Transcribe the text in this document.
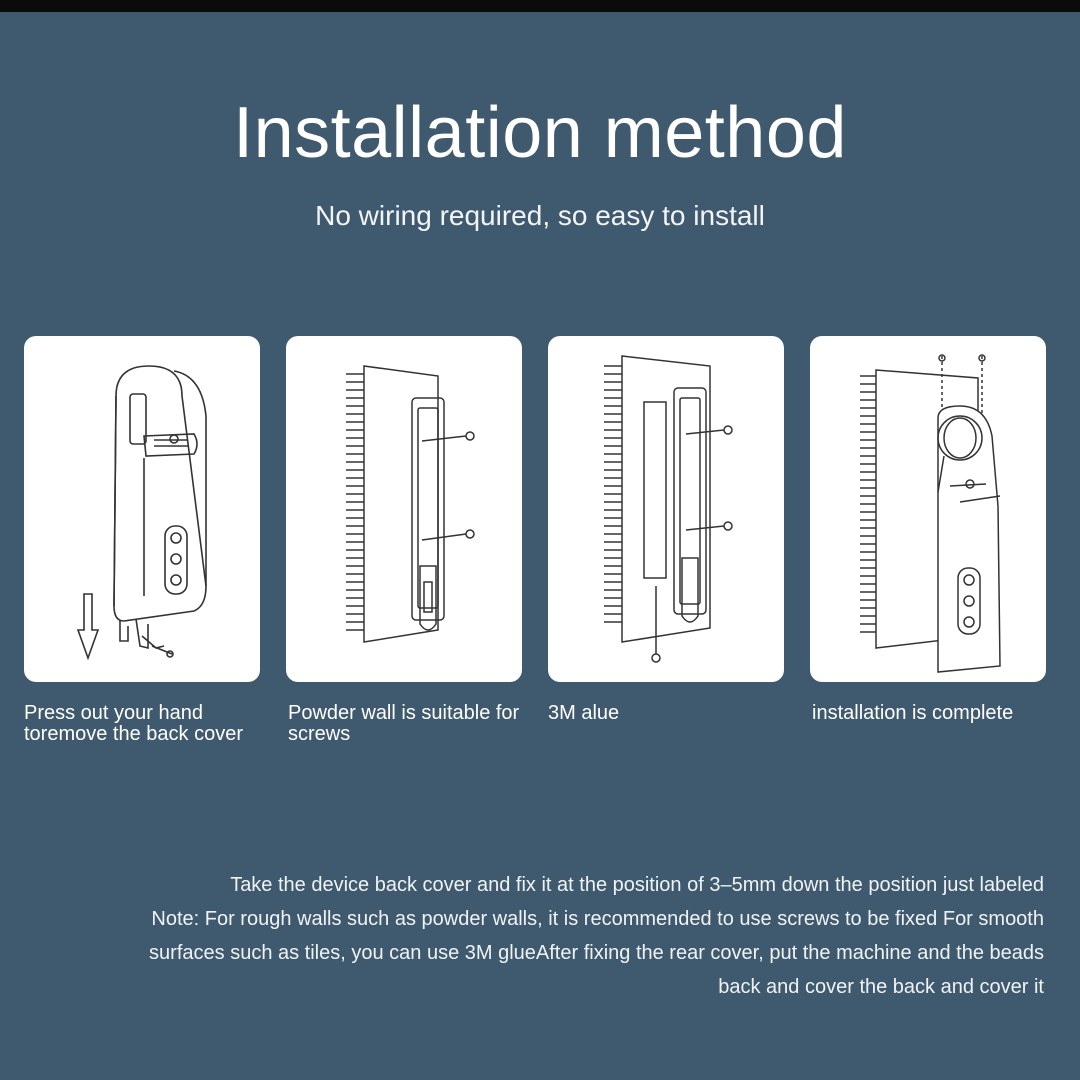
Installation method
No wiring required, so easy to install
Press out your hand toremove the back cover
Powder wall is suitable for screws
3M alue	installation is complete

Take the device back cover and fix it at the position of 3–5mm down the position just labeled

Note: For rough walls such as powder walls, it is recommended to use screws to be fixed For smooth

surfaces such as tiles, you can use 3M glueAfter fixing the rear cover, put the machine and the beads

back and cover the back and cover it
